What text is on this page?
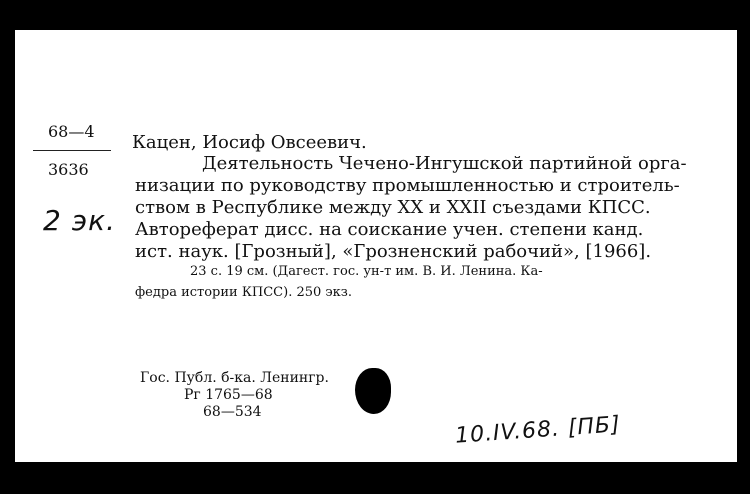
68—4
3636
2 эк.
Кацен, Иосиф Овсеевич.
Деятельность Чечено-Ингушской партийной орга-
низации по руководству промышленностью и строитель-
ством в Республике между XX и XXII съездами КПСС.
Автореферат дисс. на соискание учен. степени канд.
ист. наук. [Грозный], «Грозненский рабочий», [1966].
23 с. 19 см. (Дагест. гос. ун-т им. В. И. Ленина. Ка-
федра истории КПСС). 250 экз.
Гос. Публ. б-ка. Ленингр.
Рг 1765—68
68—534
10.IV.68. [ПБ]
